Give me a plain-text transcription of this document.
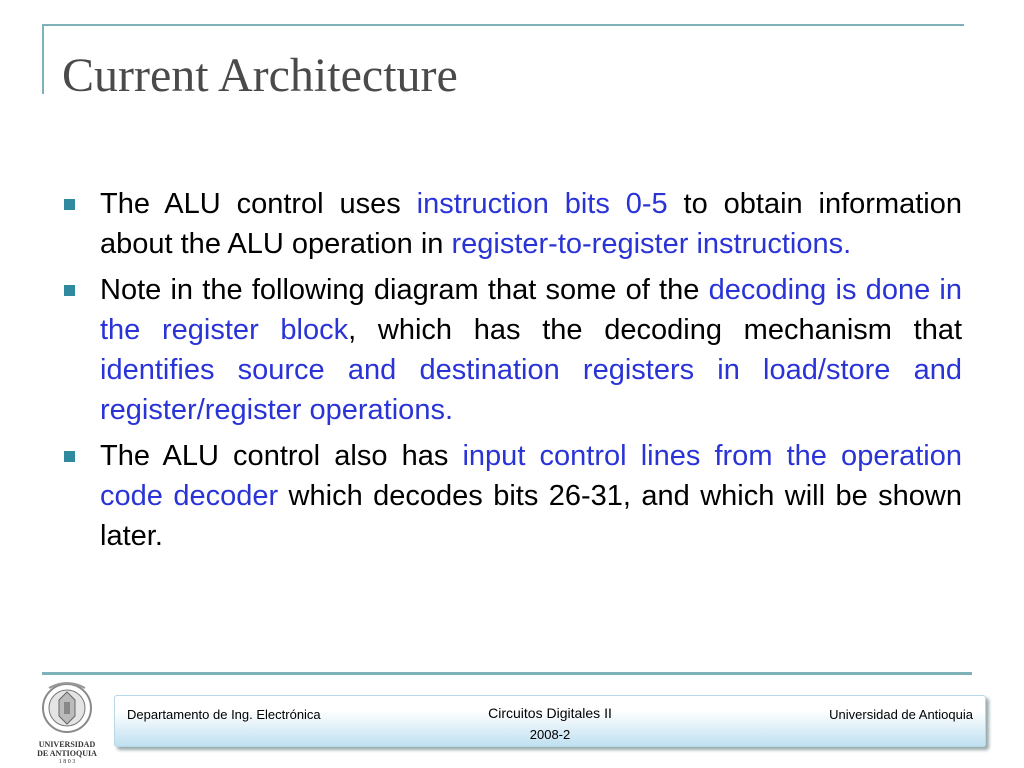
Current Architecture
The ALU control uses instruction bits 0-5 to obtain information about the ALU operation in register-to-register instructions.
Note in the following diagram that some of the decoding is done in the register block, which has the decoding mechanism that identifies source and destination registers in load/store and register/register operations.
The ALU control also has input control lines from the operation code decoder which decodes bits 26-31, and which will be shown later.
UNIVERSIDAD
DE ANTIOQUIA
1 8 0 3
Departamento de Ing. Electrónica	Circuitos Digitales II	Universidad de Antioquia
2008-2
